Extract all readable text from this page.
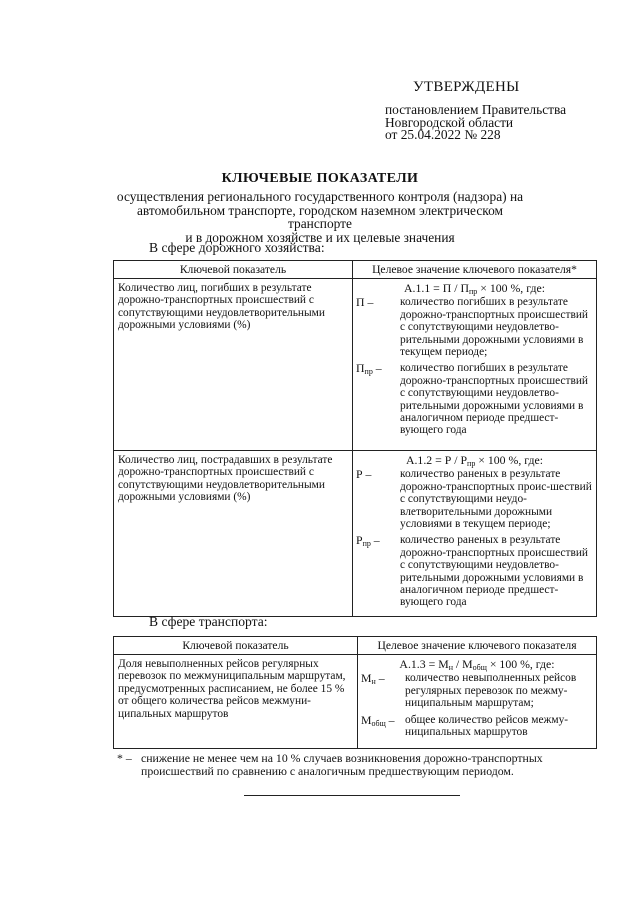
УТВЕРЖДЕНЫ
постановлением Правительства
Новгородской области
от 25.04.2022 № 228
КЛЮЧЕВЫЕ ПОКАЗАТЕЛИ
осуществления регионального государственного контроля (надзора) на
автомобильном транспорте, городском наземном электрическом транспорте
и в дорожном хозяйстве и их целевые значения
В сфере дорожного хозяйства:
Ключевой показатель	Целевое значение ключевого показателя*
Количество лиц, погибших в результате дорожно-транспортных происшествий с сопутствующими неудовлетворительными дорожными условиями (%)	$А.1.1 = П / П_{пр} \times 100$ %, где:
П – количество погибших в результате дорожно-транспортных происшествий с сопутствующими неудовлетво-рительными дорожными условиями в текущем периоде;
$П_{пр}$ – количество погибших в результате дорожно-транспортных происшествий с сопутствующими неудовлетво-рительными дорожными условиями в аналогичном периоде предшест-вующего года

Количество лиц, пострадавших в результате дорожно-транспортных происшествий с сопутствующими неудовлетворительными дорожными условиями (%)	$А.1.2 = Р / Р_{пр} \times 100$ %, где:
Р – количество раненых в результате дорожно-транспортных проис-шествий с сопутствующими неудо-влетворительными дорожными условиями в текущем периоде;
$Р_{пр}$ – количество раненых в результате дорожно-транспортных происшествий с сопутствующими неудовлетво-рительными дорожными условиями в аналогичном периоде предшест-вующего года
В сфере транспорта:
Ключевой показатель	Целевое значение ключевого показателя
Доля невыполненных рейсов регулярных перевозок по межмуниципальным маршрутам, предусмотренных расписанием, не более 15 % от общего количества рейсов межмуни-ципальных маршрутов	$А.1.3 = М_н / М_{общ} \times 100$ %, где:
$М_н$ – количество невыполненных рейсов регулярных перевозок по межму-ниципальным маршрутам;
$М_{общ}$ – общее количество рейсов межму-ниципальных маршрутов
* – снижение не менее чем на 10 % случаев возникновения дорожно-транспортных происшествий по сравнению с аналогичным предшествующим периодом.
